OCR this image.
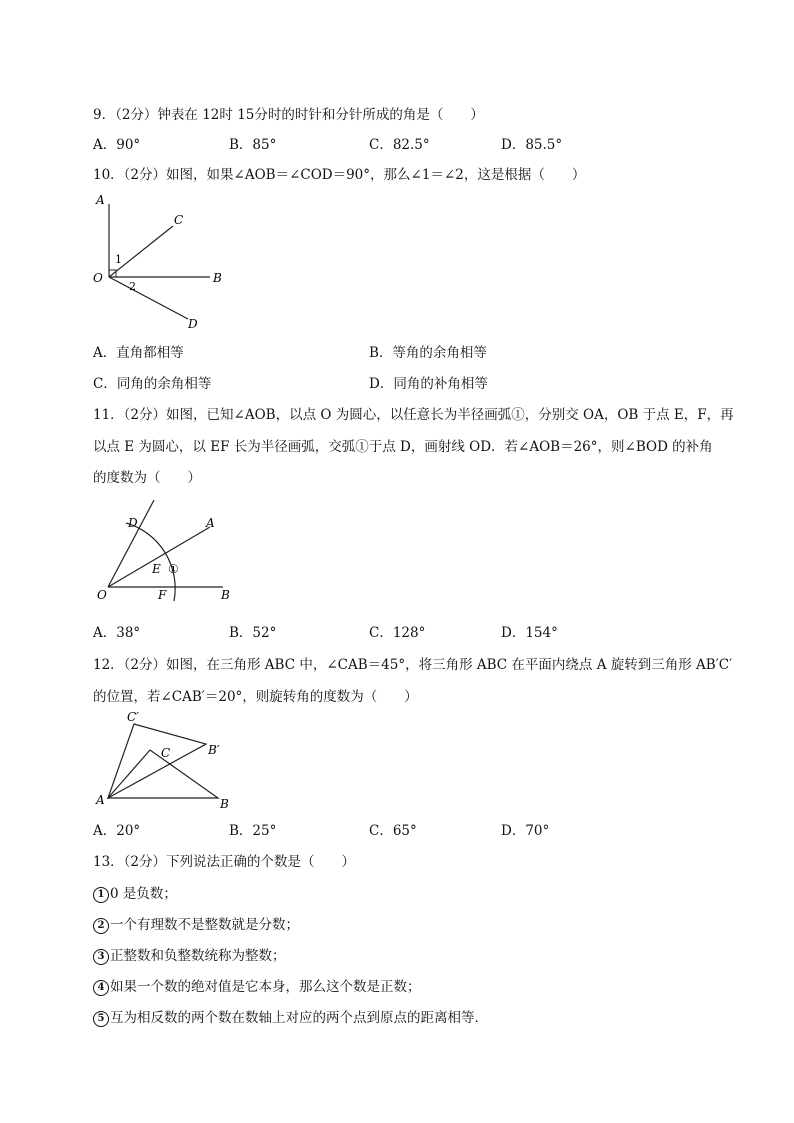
9．（2分）钟表在 12时 15分时的时针和分针所成的角是（　　）
A．90°	B．85°	C．82.5°	D．85.5°
10．（2分）如图，如果∠AOB＝∠COD＝90°，那么∠1＝∠2，这是根据（　　）
A
C
O	B
D
1
2
A．直角都相等	B．等角的余角相等
C．同角的余角相等	D．同角的补角相等
11．（2分）如图，已知∠AOB，以点 O 为圆心，以任意长为半径画弧①，分别交 OA，OB 于点 E，F，再
以点 E 为圆心，以 EF 长为半径画弧，交弧①于点 D，画射线 OD．若∠AOB＝26°，则∠BOD 的补角
的度数为（　　）
D	A
E ①
O	F	B
A．38°	B．52°	C．128°	D．154°
12．（2分）如图，在三角形 ABC 中，∠CAB＝45°，将三角形 ABC 在平面内绕点 A 旋转到三角形 AB′C′
的位置，若∠CAB′＝20°，则旋转角的度数为（　　）
C′
C	B′
A	B
A．20°	B．25°	C．65°	D．70°
13．（2分）下列说法正确的个数是（　　）
1 0 是负数；
2 一个有理数不是整数就是分数；
3 正整数和负整数统称为整数；
4 如果一个数的绝对值是它本身，那么这个数是正数；
5 互为相反数的两个数在数轴上对应的两个点到原点的距离相等．
